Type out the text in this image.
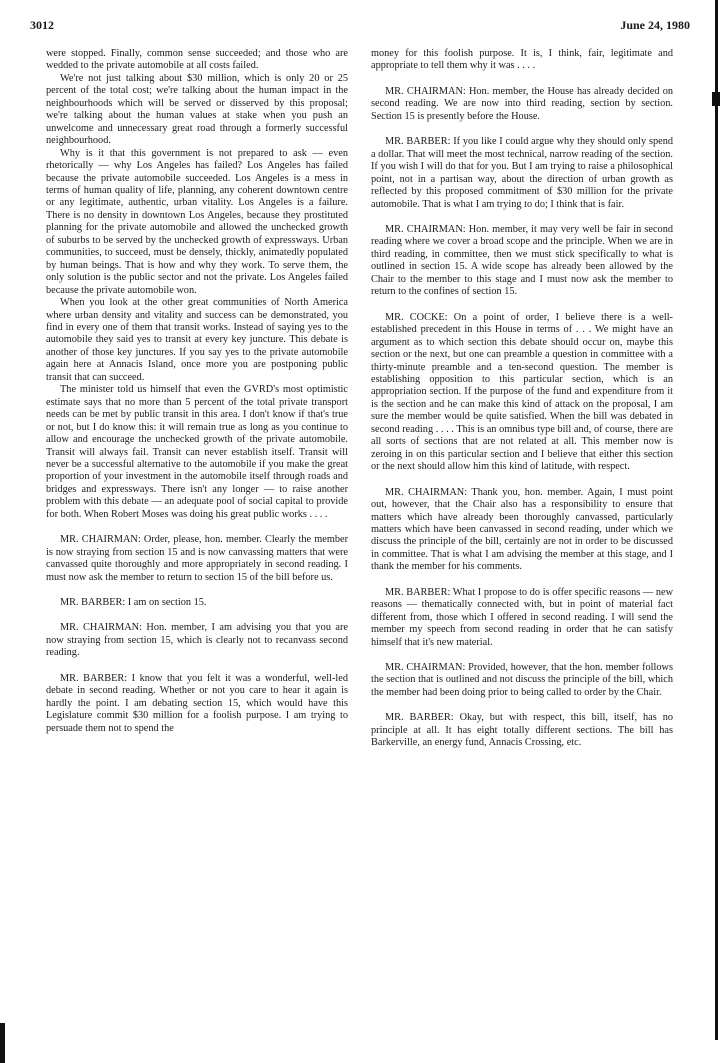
3012	June 24, 1980

were stopped. Finally, common sense succeeded; and those who are wedded to the private automobile at all costs failed.

We're not just talking about $30 million, which is only 20 or 25 percent of the total cost; we're talking about the human impact in the neighbourhoods which will be served or disserved by this proposal; we're talking about the human values at stake when you push an unwelcome and unnecessary great road through a formerly successful neighbourhood.

Why is it that this government is not prepared to ask — even rhetorically — why Los Angeles has failed? Los Angeles has failed because the private automobile succeeded. Los Angeles is a mess in terms of human quality of life, planning, any coherent downtown centre or any legitimate, authentic, urban vitality. Los Angeles is a failure. There is no density in downtown Los Angeles, because they prostituted planning for the private automobile and allowed the unchecked growth of suburbs to be served by the unchecked growth of expressways. Urban communities, to succeed, must be densely, thickly, animatedly populated by human beings. That is how and why they work. To serve them, the only solution is the public sector and not the private. Los Angeles failed because the private automobile won.

When you look at the other great communities of North America where urban density and vitality and success can be demonstrated, you find in every one of them that transit works. Instead of saying yes to the automobile they said yes to transit at every key juncture. This debate is another of those key junctures. If you say yes to the private automobile again here at Annacis Island, once more you are postponing public transit that can succeed.

The minister told us himself that even the GVRD's most optimistic estimate says that no more than 5 percent of the total private transport needs can be met by public transit in this area. I don't know if that's true or not, but I do know this: it will remain true as long as you continue to allow and encourage the unchecked growth of the private automobile. Transit will always fail. Transit can never establish itself. Transit will never be a successful alternative to the automobile if you make the great proportion of your investment in the automobile itself through roads and bridges and expressways. There isn't any longer — to raise another problem with this debate — an adequate pool of social capital to provide for both. When Robert Moses was doing his great public works . . . .

MR. CHAIRMAN: Order, please, hon. member. Clearly the member is now straying from section 15 and is now canvassing matters that were canvassed quite thoroughly and more appropriately in second reading. I must now ask the member to return to section 15 of the bill before us.

MR. BARBER: I am on section 15.

MR. CHAIRMAN: Hon. member, I am advising you that you are now straying from section 15, which is clearly not to recanvass second reading.

MR. BARBER: I know that you felt it was a wonderful, well-led debate in second reading. Whether or not you care to hear it again is hardly the point. I am debating section 15, which would have this Legislature commit $30 million for a foolish purpose. I am trying to persuade them not to spend the

money for this foolish purpose. It is, I think, fair, legitimate and appropriate to tell them why it was . . . .

MR. CHAIRMAN: Hon. member, the House has already decided on second reading. We are now into third reading, section by section. Section 15 is presently before the House.

MR. BARBER: If you like I could argue why they should only spend a dollar. That will meet the most technical, narrow reading of the section. If you wish I will do that for you. But I am trying to raise a philosophical point, not in a partisan way, about the direction of urban growth as reflected by this proposed commitment of $30 million for the private automobile. That is what I am trying to do; I think that is fair.

MR. CHAIRMAN: Hon. member, it may very well be fair in second reading where we cover a broad scope and the principle. When we are in third reading, in committee, then we must stick specifically to what is outlined in section 15. A wide scope has already been allowed by the Chair to the member to this stage and I must now ask the member to return to the confines of section 15.

MR. COCKE: On a point of order, I believe there is a well-established precedent in this House in terms of . . . We might have an argument as to which section this debate should occur on, maybe this section or the next, but one can preamble a question in committee with a thirty-minute preamble and a ten-second question. The member is establishing opposition to this particular section, which is an appropriation section. If the purpose of the fund and expenditure from it is the section and he can make this kind of attack on the proposal, I am sure the member would be quite satisfied. When the bill was debated in second reading . . . . This is an omnibus type bill and, of course, there are all sorts of sections that are not related at all. This member now is zeroing in on this particular section and I believe that either this section or the next should allow him this kind of latitude, with respect.

MR. CHAIRMAN: Thank you, hon. member. Again, I must point out, however, that the Chair also has a responsibility to ensure that matters which have already been thoroughly canvassed, particularly matters which have been canvassed in second reading, under which we discuss the principle of the bill, certainly are not in order to be discussed in committee. That is what I am advising the member at this stage, and I thank the member for his comments.

MR. BARBER: What I propose to do is offer specific reasons — new reasons — thematically connected with, but in point of material fact different from, those which I offered in second reading. I will send the member my speech from second reading in order that he can satisfy himself that it's new material.

MR. CHAIRMAN: Provided, however, that the hon. member follows the section that is outlined and not discuss the principle of the bill, which the member had been doing prior to being called to order by the Chair.

MR. BARBER: Okay, but with respect, this bill, itself, has no principle at all. It has eight totally different sections. The bill has Barkerville, an energy fund, Annacis Crossing, etc.
